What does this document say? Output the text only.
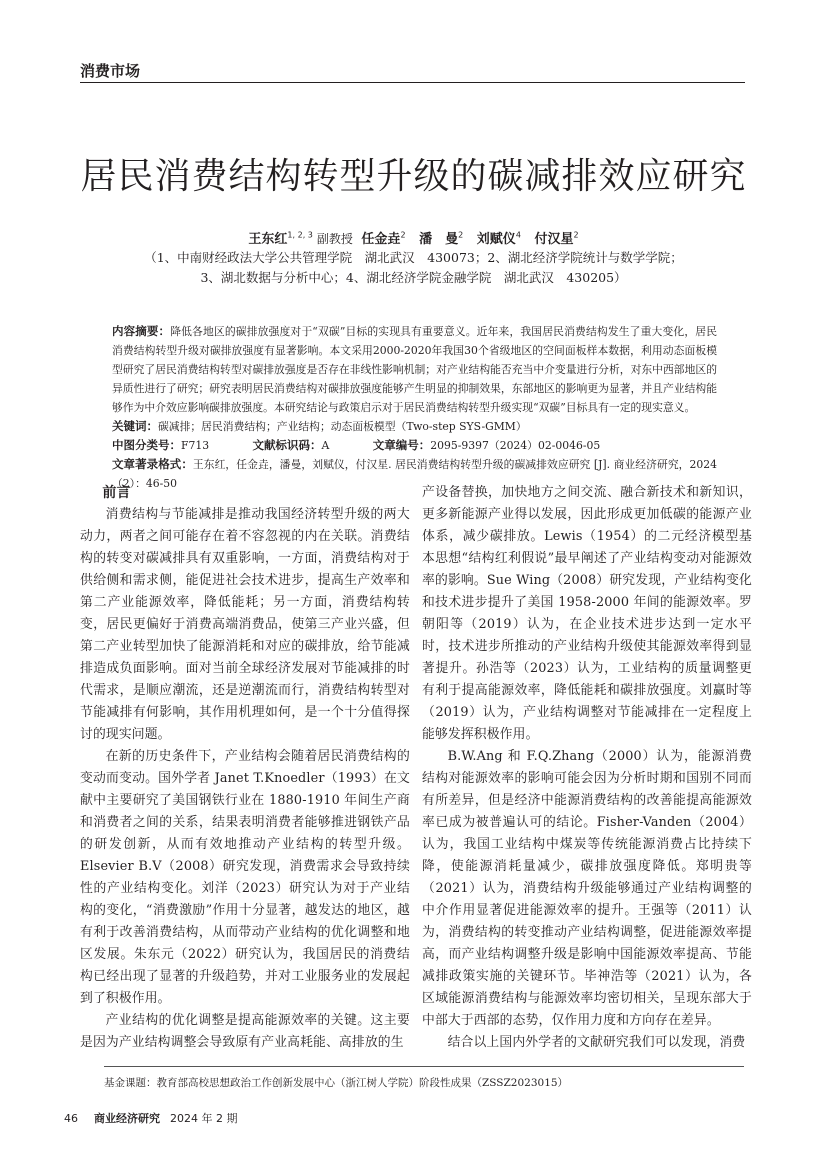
消费市场
居民消费结构转型升级的碳减排效应研究
王东红$^{1, 2, 3}$ 副教授 任金垚$^2$ 潘　曼$^2$ 刘赋仪$^4$ 付汉星$^2$
（1、中南财经政法大学公共管理学院　湖北武汉　430073；2、湖北经济学院统计与数学学院；
3、湖北数据与分析中心；4、湖北经济学院金融学院　湖北武汉　430205）
内容摘要：降低各地区的碳排放强度对于“双碳”目标的实现具有重要意义。近年来，我国居民消费结构发生了重大变化，居民消费结构转型升级对碳排放强度有显著影响。本文采用2000-2020年我国30个省级地区的空间面板样本数据，利用动态面板模型研究了居民消费结构转型对碳排放强度是否存在非线性影响机制；对产业结构能否充当中介变量进行分析，对东中西部地区的异质性进行了研究；研究表明居民消费结构对碳排放强度能够产生明显的抑制效果，东部地区的影响更为显著，并且产业结构能够作为中介效应影响碳排放强度。本研究结论与政策启示对于居民消费结构转型升级实现“双碳”目标具有一定的现实意义。
关键词：碳减排；居民消费结构；产业结构；动态面板模型（Two-step SYS-GMM）
中图分类号：F713	文献标识码：A	文章编号：2095-9397（2024）02-0046-05
文章著录格式：王东红，任金垚，潘曼，刘赋仪，付汉星. 居民消费结构转型升级的碳减排效应研究 [J]. 商业经济研究，2024（2）：46-50
前言

消费结构与节能减排是推动我国经济转型升级的两大动力，两者之间可能存在着不容忽视的内在关联。消费结构的转变对碳减排具有双重影响，一方面，消费结构对于供给侧和需求侧，能促进社会技术进步，提高生产效率和第二产业能源效率，降低能耗；另一方面，消费结构转变，居民更偏好于消费高端消费品，使第三产业兴盛，但第二产业转型加快了能源消耗和对应的碳排放，给节能减排造成负面影响。面对当前全球经济发展对节能减排的时代需求，是顺应潮流，还是逆潮流而行，消费结构转型对节能减排有何影响，其作用机理如何，是一个十分值得探讨的现实问题。

在新的历史条件下，产业结构会随着居民消费结构的变动而变动。国外学者 Janet T.Knoedler（1993）在文献中主要研究了美国钢铁行业在 1880-1910 年间生产商和消费者之间的关系，结果表明消费者能够推进钢铁产品的研发创新，从而有效地推动产业结构的转型升级。Elsevier B.V（2008）研究发现，消费需求会导致持续性的产业结构变化。刘洋（2023）研究认为对于产业结构的变化，“消费激励”作用十分显著，越发达的地区，越有利于改善消费结构，从而带动产业结构的优化调整和地区发展。朱东元（2022）研究认为，我国居民的消费结构已经出现了显著的升级趋势，并对工业服务业的发展起到了积极作用。

产业结构的优化调整是提高能源效率的关键。这主要是因为产业结构调整会导致原有产业高耗能、高排放的生

产设备替换，加快地方之间交流、融合新技术和新知识，更多新能源产业得以发展，因此形成更加低碳的能源产业体系，减少碳排放。Lewis（1954）的二元经济模型基本思想“结构红利假说”最早阐述了产业结构变动对能源效率的影响。Sue Wing（2008）研究发现，产业结构变化和技术进步提升了美国 1958-2000 年间的能源效率。罗朝阳等（2019）认为，在企业技术进步达到一定水平时，技术进步所推动的产业结构升级使其能源效率得到显著提升。孙浩等（2023）认为，工业结构的质量调整更有利于提高能源效率，降低能耗和碳排放强度。刘赢时等（2019）认为，产业结构调整对节能减排在一定程度上能够发挥积极作用。

B.W.Ang 和 F.Q.Zhang（2000）认为，能源消费结构对能源效率的影响可能会因为分析时期和国别不同而有所差异，但是经济中能源消费结构的改善能提高能源效率已成为被普遍认可的结论。Fisher-Vanden（2004）认为，我国工业结构中煤炭等传统能源消费占比持续下降，使能源消耗量减少，碳排放强度降低。郑明贵等（2021）认为，消费结构升级能够通过产业结构调整的中介作用显著促进能源效率的提升。王强等（2011）认为，消费结构的转变推动产业结构调整，促进能源效率提高，而产业结构调整升级是影响中国能源效率提高、节能减排政策实施的关键环节。毕神浩等（2021）认为，各区域能源消费结构与能源效率均密切相关，呈现东部大于中部大于西部的态势，仅作用力度和方向存在差异。

结合以上国内外学者的文献研究我们可以发现，消费

基金课题：教育部高校思想政治工作创新发展中心（浙江树人学院）阶段性成果（ZSSZ2023015）
46 商业经济研究 2024 年 2 期
